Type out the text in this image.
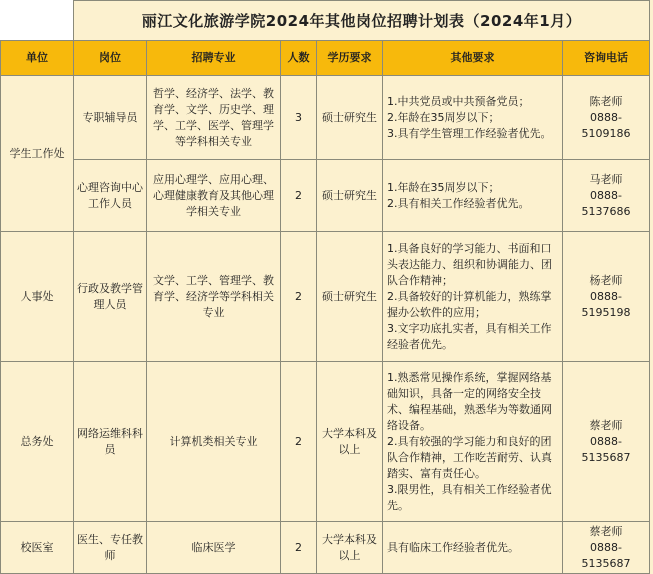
	丽江文化旅游学院2024年其他岗位招聘计划表（2024年1月）					
单位	岗位	招聘专业	人数	学历要求	其他要求	咨询电话
学生工作处	专职辅导员	哲学、经济学、法学、教育学、文学、历史学、理学、工学、医学、管理学等学科相关专业	3	硕士研究生	1.中共党员或中共预备党员；
2.年龄在35周岁以下；
3.具有学生管理工作经验者优先。	陈老师
0888-5109186

	心理咨询中心工作人员	应用心理学、应用心理、心理健康教育及其他心理学相关专业	2	硕士研究生	1.年龄在35周岁以下；
2.具有相关工作经验者优先。	马老师
0888-5137686

人事处	行政及教学管理人员	文学、工学、管理学、教育学、经济学等学科相关专业	2	硕士研究生	1.具备良好的学习能力、书面和口头表达能力、组织和协调能力、团队合作精神；
2.具备较好的计算机能力，熟练掌握办公软件的应用；
3.文字功底扎实者，具有相关工作经验者优先。	杨老师
0888-5195198

总务处	网络运维科科员	计算机类相关专业	2	大学本科及以上	1.熟悉常见操作系统，掌握网络基础知识，具备一定的网络安全技术、编程基础，熟悉华为等数通网络设备。
2.具有较强的学习能力和良好的团队合作精神，工作吃苦耐劳、认真踏实、富有责任心。
3.限男性，具有相关工作经验者优先。	蔡老师
0888-5135687

校医室	医生、专任教师	临床医学	2	大学本科及以上	具有临床工作经验者优先。	蔡老师
0888-5135687
